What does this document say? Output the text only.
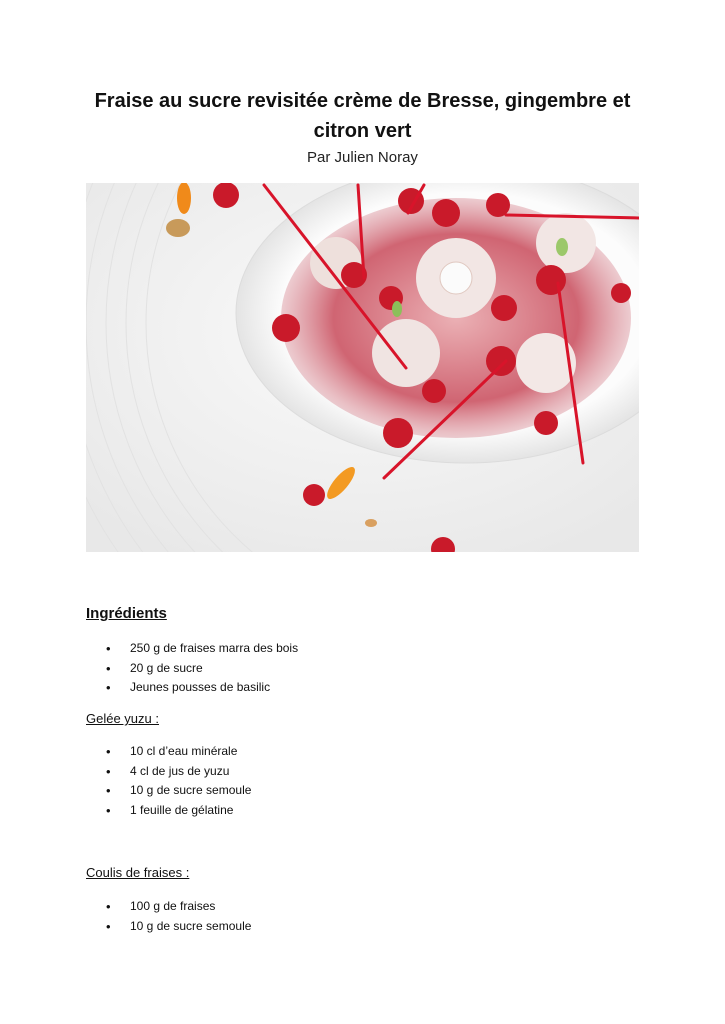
Fraise au sucre revisitée crème de Bresse, gingembre et
citron vert
Par Julien Noray
Ingrédients
• 250 g de fraises marra des bois
• 20 g de sucre
• Jeunes pousses de basilic
Gelée yuzu :
• 10 cl d’eau minérale
• 4 cl de jus de yuzu
• 10 g de sucre semoule
• 1 feuille de gélatine
Coulis de fraises :
• 100 g de fraises
• 10 g de sucre semoule
